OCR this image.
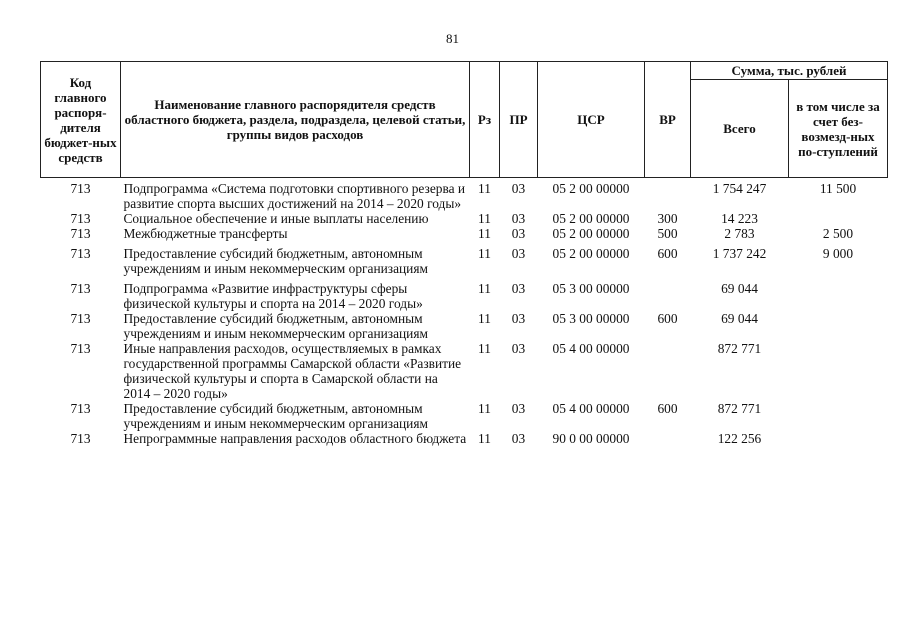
81
Код главного распоря-дителя бюджет-ных средств	Наименование главного распорядителя средств областного бюджета, раздела, подраздела, целевой статьи, группы видов расходов	Рз	ПР	ЦСР	ВР	Сумма, тыс. рублей	
						Всего	в том числе за счет без-возмезд-ных по-ступлений
713	Подпрограмма «Система подготовки спортивного резерва и развитие спорта высших достижений на 2014 – 2020 годы»	11	03	05 2 00 00000		1 754 247	11 500
713	Социальное обеспечение и иные выплаты населению	11	03	05 2 00 00000	300	14 223	
713	Межбюджетные трансферты	11	03	05 2 00 00000	500	2 783	2 500

713	Предоставление субсидий бюджетным, автономным учреждениям и иным некоммерческим организациям	11	03	05 2 00 00000	600	1 737 242	9 000

713	Подпрограмма «Развитие инфраструктуры сферы физической культуры и спорта на 2014 – 2020 годы»	11	03	05 3 00 00000		69 044	
713	Предоставление субсидий бюджетным, автономным учреждениям и иным некоммерческим организациям	11	03	05 3 00 00000	600	69 044	
713	Иные направления расходов, осуществляемых в рамках государственной программы Самарской области «Развитие физической культуры и спорта в Самарской области на 2014 – 2020 годы»	11	03	05 4 00 00000		872 771	
713	Предоставление субсидий бюджетным, автономным учреждениям и иным некоммерческим организациям	11	03	05 4 00 00000	600	872 771	
713	Непрограммные направления расходов областного бюджета	11	03	90 0 00 00000		122 256	
